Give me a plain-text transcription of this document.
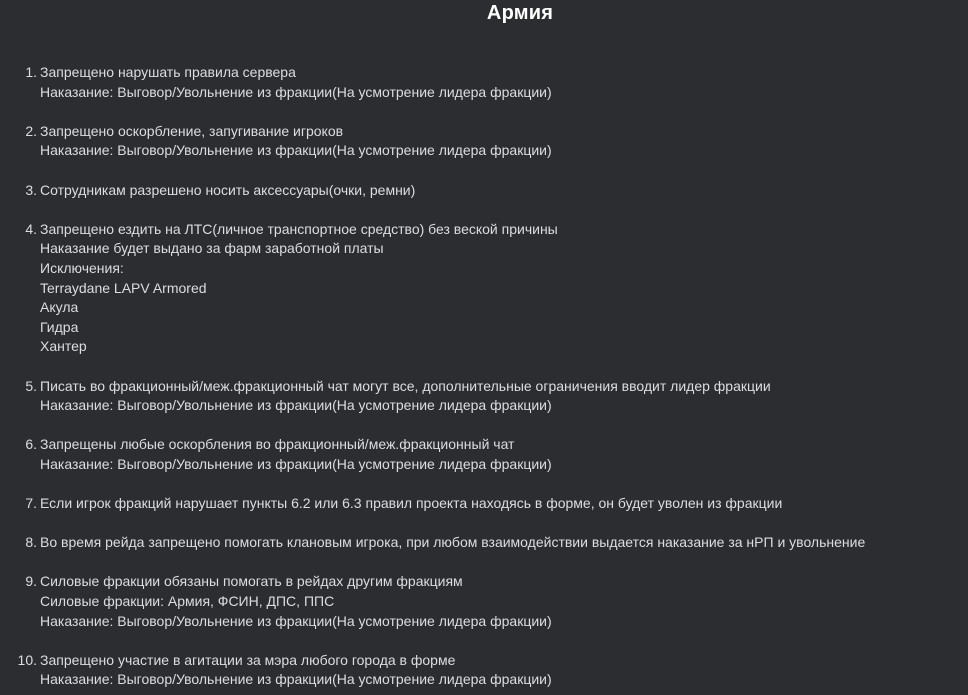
Армия
1. Запрещено нарушать правила сервера
Наказание: Выговор/Увольнение из фракции(На усмотрение лидера фракции)
2. Запрещено оскорбление, запугивание игроков
Наказание: Выговор/Увольнение из фракции(На усмотрение лидера фракции)
3. Сотрудникам разрешено носить аксессуары(очки, ремни)
4. Запрещено ездить на ЛТС(личное транспортное средство) без веской причины
Наказание будет выдано за фарм заработной платы
Исключения:
Terraydane LAPV Armored
Акула
Гидра
Хантер
5. Писать во фракционный/меж.фракционный чат могут все, дополнительные ограничения вводит лидер фракции
Наказание: Выговор/Увольнение из фракции(На усмотрение лидера фракции)
6. Запрещены любые оскорбления во фракционный/меж.фракционный чат
Наказание: Выговор/Увольнение из фракции(На усмотрение лидера фракции)
7. Если игрок фракций нарушает пункты 6.2 или 6.3 правил проекта находясь в форме, он будет уволен из фракции
8. Во время рейда запрещено помогать клановым игрока, при любом взаимодействии выдается наказание за нРП и увольнение
9. Силовые фракции обязаны помогать в рейдах другим фракциям
Силовые фракции: Армия, ФСИН, ДПС, ППС
Наказание: Выговор/Увольнение из фракции(На усмотрение лидера фракции)
10. Запрещено участие в агитации за мэра любого города в форме
Наказание: Выговор/Увольнение из фракции(На усмотрение лидера фракции)
